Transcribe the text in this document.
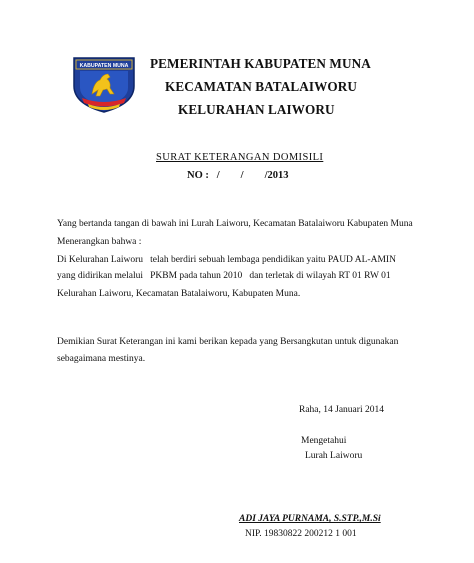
KABUPATEN MUNA PEMERINTAH KABUPATEN MUNA
KECAMATAN BATALAIWORU
KELURAHAN LAIWORU
SURAT KETERANGAN DOMISILI
NO :   /        /        /2013
Yang bertanda tangan di bawah ini Lurah Laiworu, Kecamatan Batalaiworu Kabupaten Muna
Menerangkan bahwa :
Di Kelurahan Laiworu   telah berdiri sebuah lembaga pendidikan yaitu PAUD AL-AMIN
yang didirikan melalui   PKBM pada tahun 2010   dan terletak di wilayah RT 01 RW 01
Kelurahan Laiworu, Kecamatan Batalaiworu, Kabupaten Muna.
Demikian Surat Keterangan ini kami berikan kepada yang Bersangkutan untuk digunakan
sebagaimana mestinya.
Raha, 14 Januari 2014
Mengetahui
Lurah Laiworu
ADI JAYA PURNAMA, S.STP.,M.Si
NIP. 19830822 200212 1 001
